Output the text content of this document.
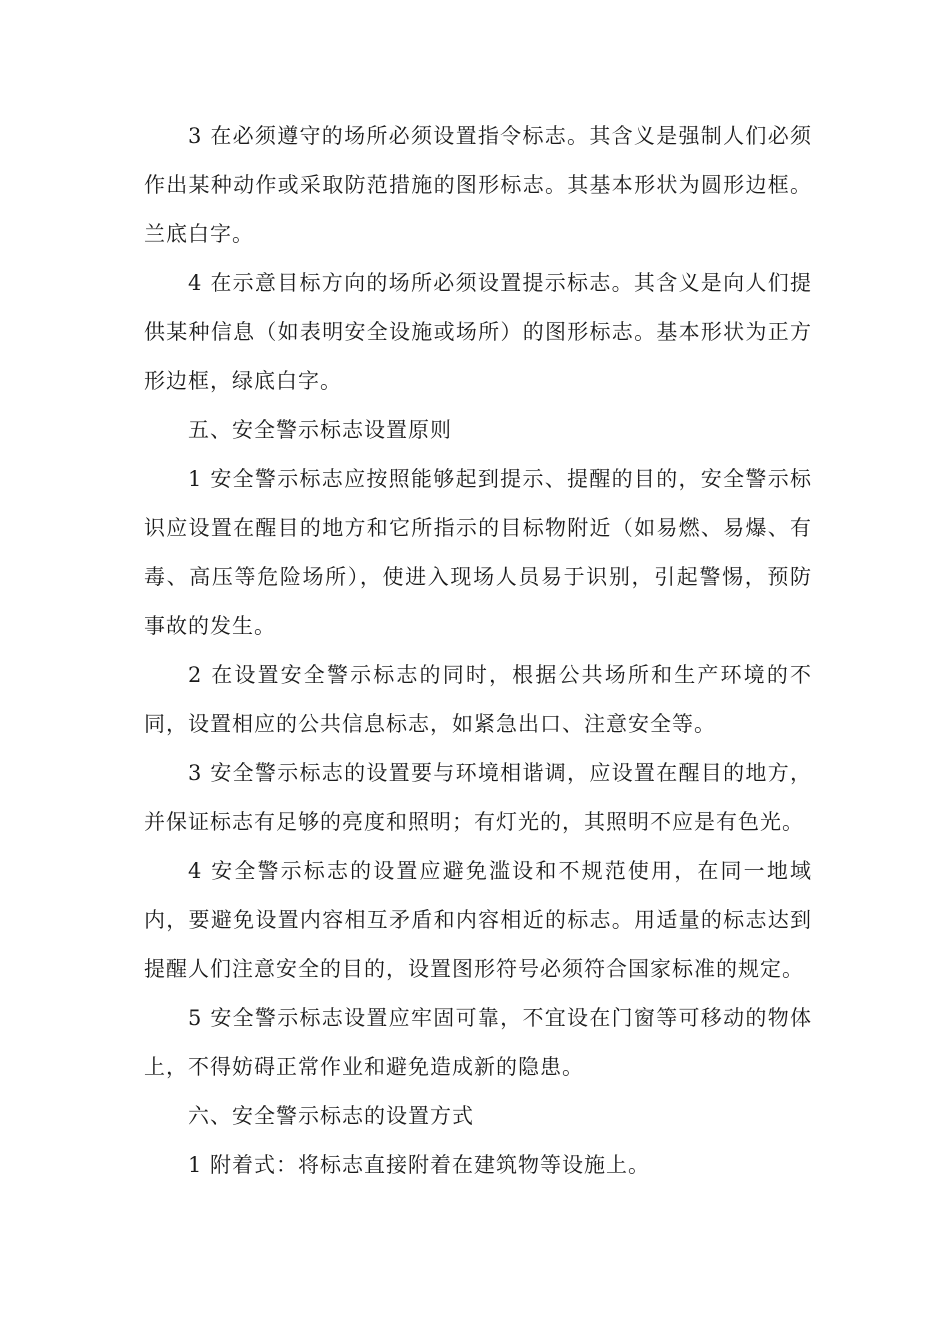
3 在必须遵守的场所必须设置指令标志。其含义是强制人们必须作出某种动作或采取防范措施的图形标志。其基本形状为圆形边框。兰底白字。

4 在示意目标方向的场所必须设置提示标志。其含义是向人们提供某种信息（如表明安全设施或场所）的图形标志。基本形状为正方形边框，绿底白字。

五、安全警示标志设置原则

1 安全警示标志应按照能够起到提示、提醒的目的，安全警示标识应设置在醒目的地方和它所指示的目标物附近（如易燃、易爆、有毒、高压等危险场所），使进入现场人员易于识别，引起警惕，预防事故的发生。

2 在设置安全警示标志的同时，根据公共场所和生产环境的不同，设置相应的公共信息标志，如紧急出口、注意安全等。

3 安全警示标志的设置要与环境相谐调，应设置在醒目的地方，并保证标志有足够的亮度和照明；有灯光的，其照明不应是有色光。

4 安全警示标志的设置应避免滥设和不规范使用，在同一地域内，要避免设置内容相互矛盾和内容相近的标志。用适量的标志达到提醒人们注意安全的目的，设置图形符号必须符合国家标准的规定。

5 安全警示标志设置应牢固可靠，不宜设在门窗等可移动的物体上，不得妨碍正常作业和避免造成新的隐患。

六、安全警示标志的设置方式

1 附着式：将标志直接附着在建筑物等设施上。
